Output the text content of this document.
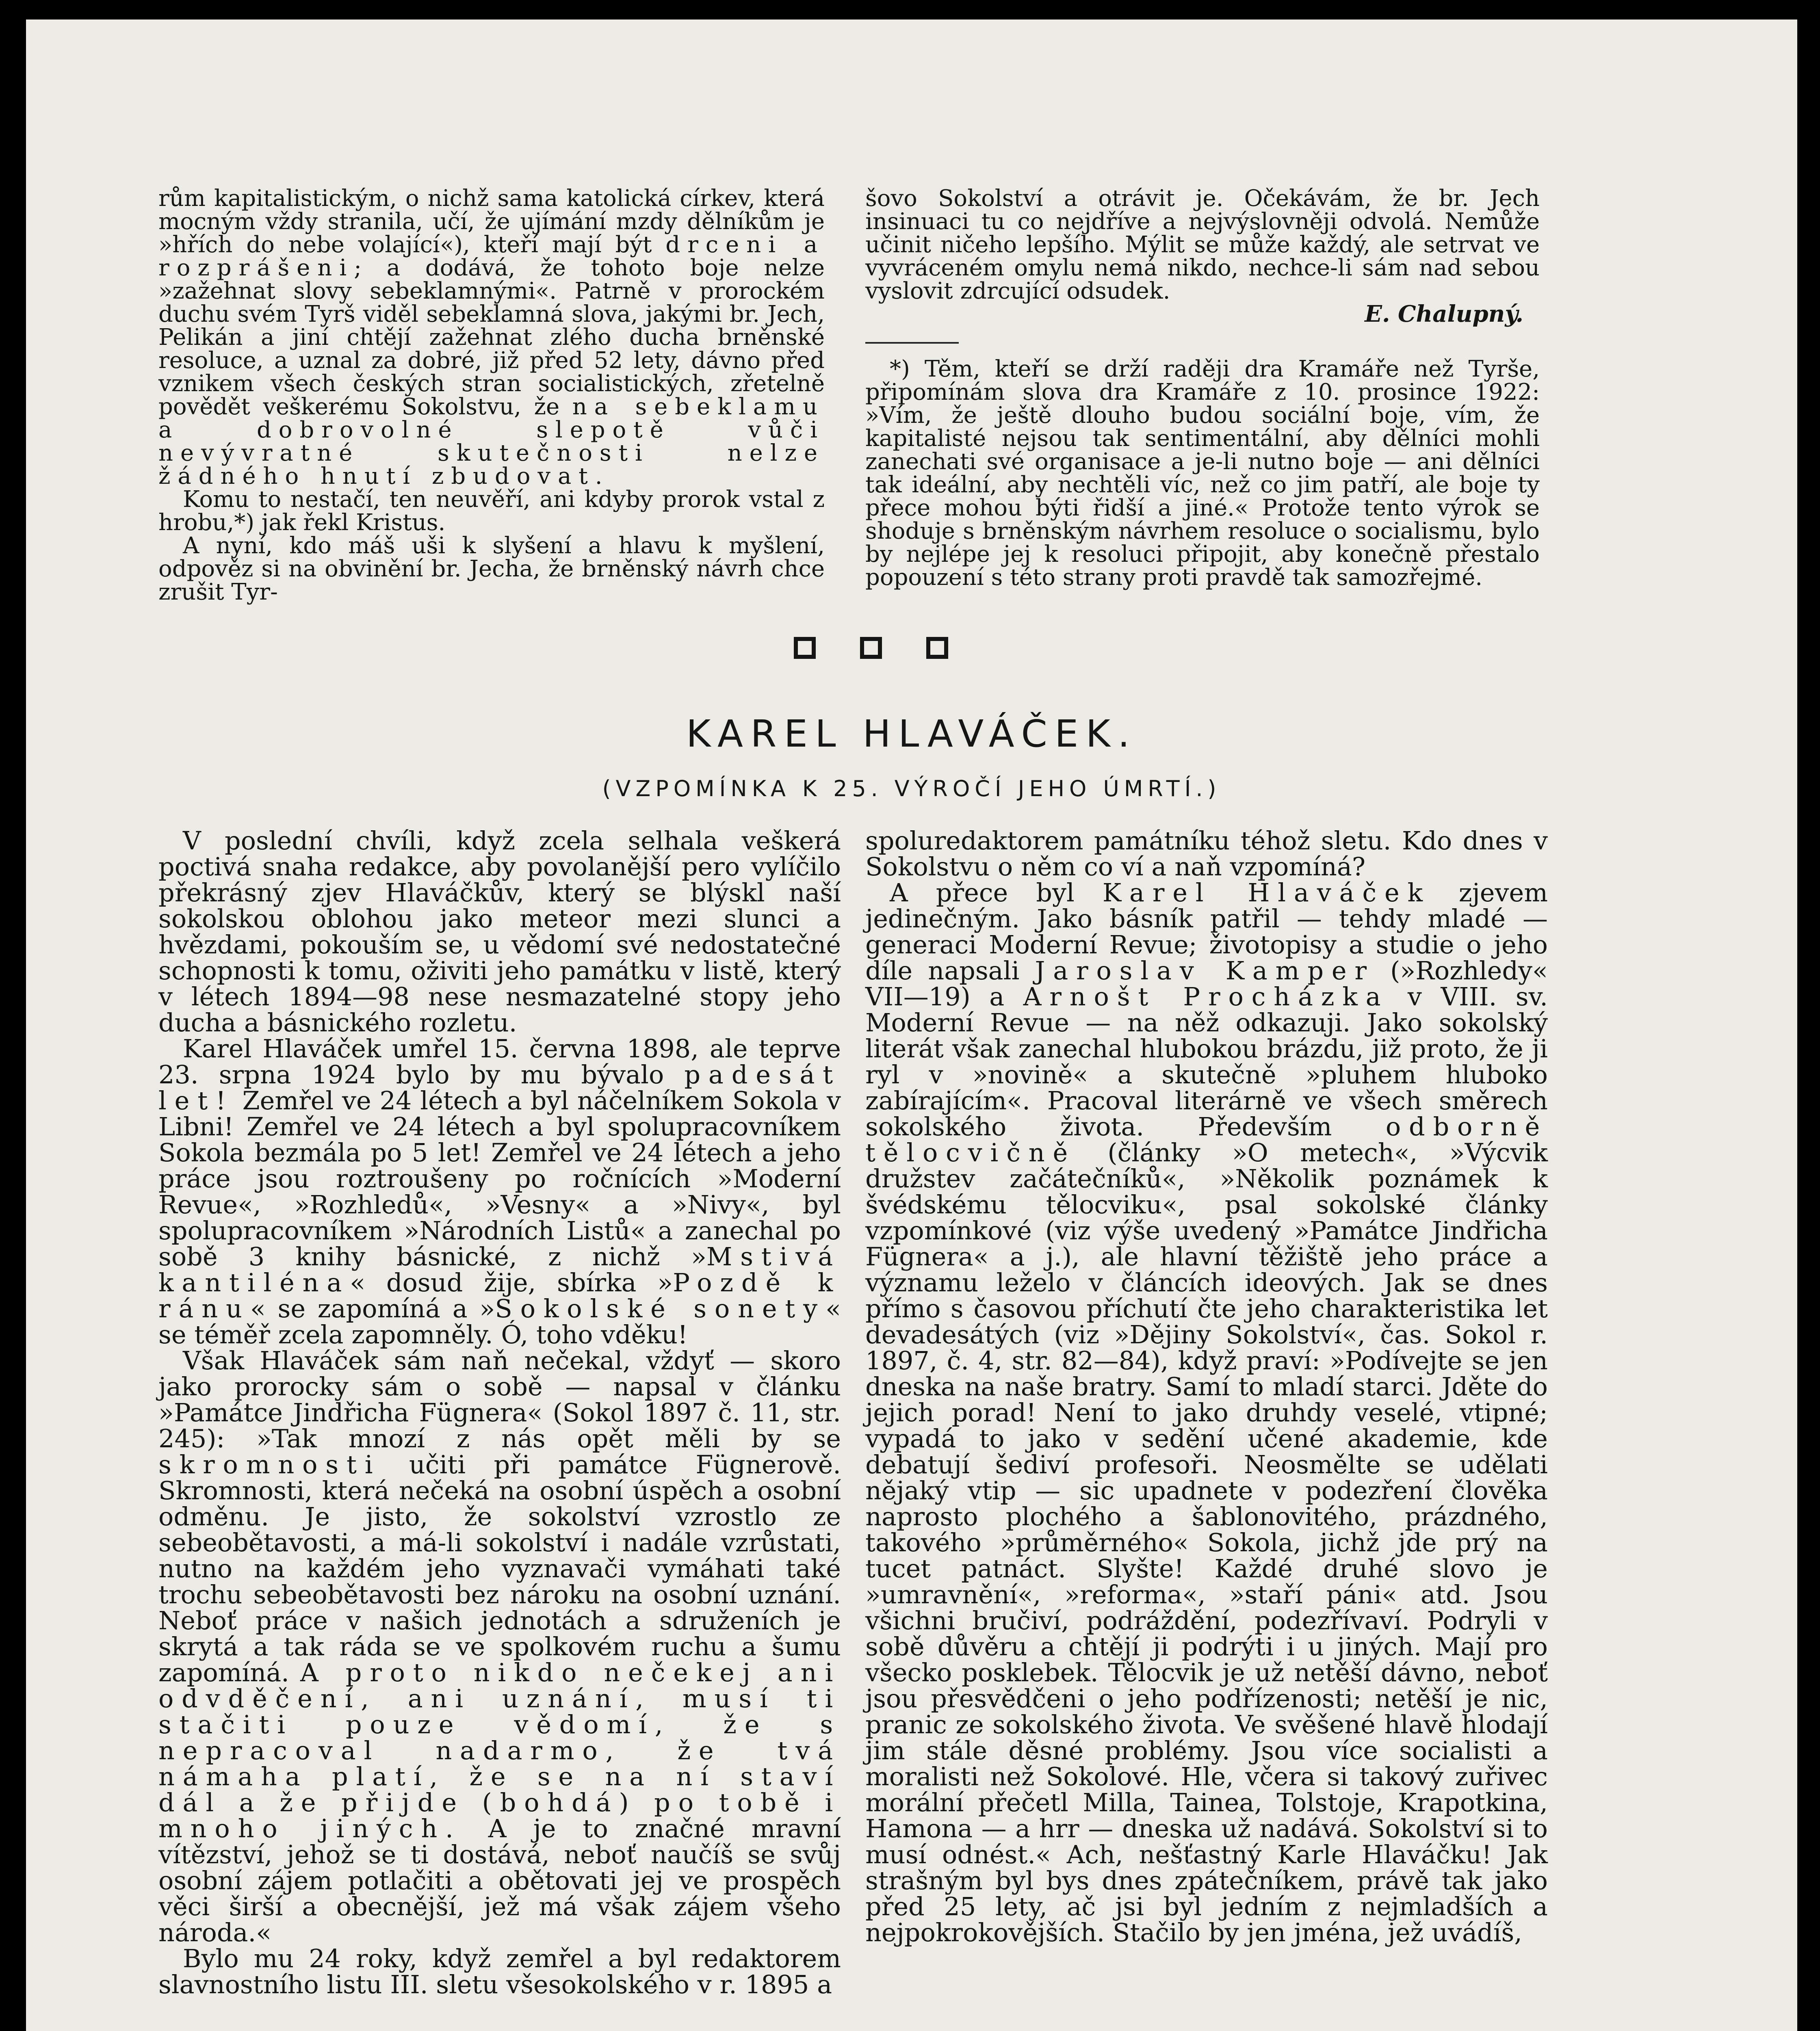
rům kapitalistickým, o nichž sama katolická církev, která mocným vždy stranila, učí, že ujímání mzdy dělníkům je »hřích do nebe volající«), kteří mají být drceni a rozprášeni; a dodává, že tohoto boje nelze »zažehnat slovy sebeklamnými«. Patrně v prorockém duchu svém Tyrš viděl sebeklamná slova, jakými br. Jech, Pelikán a jiní chtějí zažehnat zlého ducha brněnské resoluce, a uznal za dobré, již před 52 lety, dávno před vznikem všech českých stran socialistických, zřetelně povědět veškerému Sokolstvu, že na sebeklamu a dobrovolné slepotě vůči nevývratné skutečnosti nelze žádného hnutí zbudovat.

Komu to nestačí, ten neuvěří, ani kdyby prorok vstal z hrobu,*) jak řekl Kristus.

A nyní, kdo máš uši k slyšení a hlavu k myšlení, odpověz si na obvinění br. Jecha, že brněnský návrh chce zrušit Tyr-

šovo Sokolství a otrávit je. Očekávám, že br. Jech insinuaci tu co nejdříve a nejvýslovněji odvolá. Nemůže učinit ničeho lepšího. Mýlit se může každý, ale setrvat ve vyvráceném omylu nemá nikdo, nechce-li sám nad sebou vyslovit zdrcující odsudek.

E. Chalupný.

*) Těm, kteří se drží raději dra Kramáře než Tyrše, připomínám slova dra Kramáře z 10. prosince 1922: »Vím, že ještě dlouho budou sociální boje, vím, že kapitalisté nejsou tak sentimentální, aby dělníci mohli zanechati své organisace a je-li nutno boje — ani dělníci tak ideální, aby nechtěli víc, než co jim patří, ale boje ty přece mohou býti řidší a jiné.« Protože tento výrok se shoduje s brněnským návrhem resoluce o socialismu, bylo by nejlépe jej k resoluci připojit, aby konečně přestalo popouzení s této strany proti pravdě tak samozřejmé.

KAREL HLAVÁČEK.
(VZPOMÍNKA K 25. VÝROČÍ JEHO ÚMRTÍ.)

V poslední chvíli, když zcela selhala veškerá poctivá snaha redakce, aby povolanější pero vylíčilo překrásný zjev Hlaváčkův, který se blýskl naší sokolskou oblohou jako meteor mezi slunci a hvězdami, pokouším se, u vědomí své nedostatečné schopnosti k tomu, oživiti jeho památku v listě, který v létech 1894—98 nese nesmazatelné stopy jeho ducha a básnického rozletu.

Karel Hlaváček umřel 15. června 1898, ale teprve 23. srpna 1924 bylo by mu bývalo padesát let! Zemřel ve 24 létech a byl náčelníkem Sokola v Libni! Zemřel ve 24 létech a byl spolupracovníkem Sokola bezmála po 5 let! Zemřel ve 24 létech a jeho práce jsou roztroušeny po ročnících »Moderní Revue«, »Rozhledů«, »Vesny« a »Nivy«, byl spolupracovníkem »Národních Listů« a zanechal po sobě 3 knihy básnické, z nichž »Mstivá kantiléna« dosud žije, sbírka »Pozdě k ránu« se zapomíná a »Sokolské sonety« se téměř zcela zapomněly. Ó, toho vděku!

Však Hlaváček sám naň nečekal, vždyť — skoro jako prorocky sám o sobě — napsal v článku »Památce Jindřicha Fügnera« (Sokol 1897 č. 11, str. 245): »Tak mnozí z nás opět měli by se skromnosti učiti při památce Fügnerově. Skromnosti, která nečeká na osobní úspěch a osobní odměnu. Je jisto, že sokolství vzrostlo ze sebeobětavosti, a má-li sokolství i nadále vzrůstati, nutno na každém jeho vyznavači vymáhati také trochu sebeobětavosti bez nároku na osobní uznání. Neboť práce v našich jednotách a sdruženích je skrytá a tak ráda se ve spolkovém ruchu a šumu zapomíná. A proto nikdo nečekej ani odvděčení, ani uznání, musí ti stačiti pouze vědomí, že s nepracoval nadarmo, že tvá námaha platí, že se na ní staví dál a že přijde (bohdá) po tobě i mnoho jiných. A je to značné mravní vítězství, jehož se ti dostává, neboť naučíš se svůj osobní zájem potlačiti a obětovati jej ve prospěch věci širší a obecnější, jež má však zájem všeho národa.«

Bylo mu 24 roky, když zemřel a byl redaktorem slavnostního listu III. sletu všesokolského v r. 1895 a

spoluredaktorem památníku téhož sletu. Kdo dnes v Sokolstvu o něm co ví a naň vzpomíná?

A přece byl Karel Hlaváček zjevem jedinečným. Jako básník patřil — tehdy mladé — generaci Moderní Revue; životopisy a studie o jeho díle napsali Jaroslav Kamper (»Rozhledy« VII—19) a Arnošt Procházka v VIII. sv. Moderní Revue — na něž odkazuji. Jako sokolský literát však zanechal hlubokou brázdu, již proto, že ji ryl v »novině« a skutečně »pluhem hluboko zabírajícím«. Pracoval literárně ve všech směrech sokolského života. Především odborně tělocvičně (články »O metech«, »Výcvik družstev začátečníků«, »Několik poznámek k švédskému tělocviku«, psal sokolské články vzpomínkové (viz výše uvedený »Památce Jindřicha Fügnera« a j.), ale hlavní těžiště jeho práce a významu leželo v článcích ideových. Jak se dnes přímo s časovou příchutí čte jeho charakteristika let devadesátých (viz »Dějiny Sokolství«, čas. Sokol r. 1897, č. 4, str. 82—84), když praví: »Podívejte se jen dneska na naše bratry. Samí to mladí starci. Jděte do jejich porad! Není to jako druhdy veselé, vtipné; vypadá to jako v sedění učené akademie, kde debatují šediví profesoři. Neosmělte se udělati nějaký vtip — sic upadnete v podezření člověka naprosto plochého a šablonovitého, prázdného, takového »průměrného« Sokola, jichž jde prý na tucet patnáct. Slyšte! Každé druhé slovo je »umravnění«, »reforma«, »staří páni« atd. Jsou všichni bručiví, podráždění, podezřívaví. Podryli v sobě důvěru a chtějí ji podrýti i u jiných. Mají pro všecko posklebek. Tělocvik je už netěší dávno, neboť jsou přesvědčeni o jeho podřízenosti; netěší je nic, pranic ze sokolského života. Ve svěšené hlavě hlodají jim stále děsné problémy. Jsou více socialisti a moralisti než Sokolové. Hle, včera si takový zuřivec morální přečetl Milla, Tainea, Tolstoje, Krapotkina, Hamona — a hrr — dneska už nadává. Sokolství si to musí odnést.« Ach, nešťastný Karle Hlaváčku! Jak strašným byl bys dnes zpátečníkem, právě tak jako před 25 lety, ač jsi byl jedním z nejmladších a nejpokrokovějších. Stačilo by jen jména, jež uvádíš,
